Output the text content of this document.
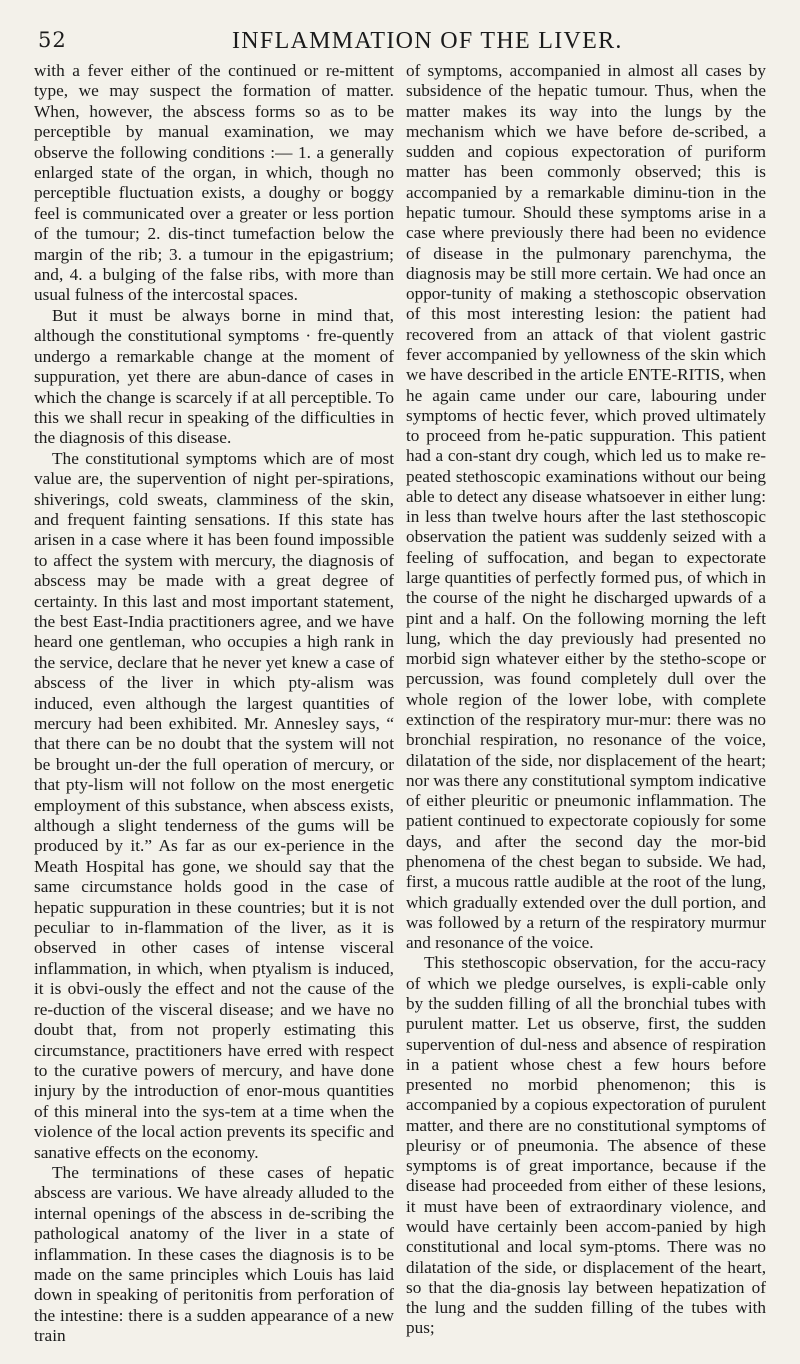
52	INFLAMMATION OF THE LIVER.

with a fever either of the continued or re-mittent type, we may suspect the formation of matter. When, however, the abscess forms so as to be perceptible by manual examination, we may observe the following conditions :— 1. a generally enlarged state of the organ, in which, though no perceptible fluctuation exists, a doughy or boggy feel is communicated over a greater or less portion of the tumour; 2. dis-tinct tumefaction below the margin of the rib; 3. a tumour in the epigastrium; and, 4. a bulging of the false ribs, with more than usual fulness of the intercostal spaces.

But it must be always borne in mind that, although the constitutional symptoms · fre-quently undergo a remarkable change at the moment of suppuration, yet there are abun-dance of cases in which the change is scarcely if at all perceptible. To this we shall recur in speaking of the difficulties in the diagnosis of this disease.

The constitutional symptoms which are of most value are, the supervention of night per-spirations, shiverings, cold sweats, clamminess of the skin, and frequent fainting sensations. If this state has arisen in a case where it has been found impossible to affect the system with mercury, the diagnosis of abscess may be made with a great degree of certainty. In this last and most important statement, the best East-India practitioners agree, and we have heard one gentleman, who occupies a high rank in the service, declare that he never yet knew a case of abscess of the liver in which pty-alism was induced, even although the largest quantities of mercury had been exhibited. Mr. Annesley says, “ that there can be no doubt that the system will not be brought un-der the full operation of mercury, or that pty-lism will not follow on the most energetic employment of this substance, when abscess exists, although a slight tenderness of the gums will be produced by it.” As far as our ex-perience in the Meath Hospital has gone, we should say that the same circumstance holds good in the case of hepatic suppuration in these countries; but it is not peculiar to in-flammation of the liver, as it is observed in other cases of intense visceral inflammation, in which, when ptyalism is induced, it is obvi-ously the effect and not the cause of the re-duction of the visceral disease; and we have no doubt that, from not properly estimating this circumstance, practitioners have erred with respect to the curative powers of mercury, and have done injury by the introduction of enor-mous quantities of this mineral into the sys-tem at a time when the violence of the local action prevents its specific and sanative effects on the economy.

The terminations of these cases of hepatic abscess are various. We have already alluded to the internal openings of the abscess in de-scribing the pathological anatomy of the liver in a state of inflammation. In these cases the diagnosis is to be made on the same principles which Louis has laid down in speaking of peritonitis from perforation of the intestine: there is a sudden appearance of a new train

of symptoms, accompanied in almost all cases by subsidence of the hepatic tumour. Thus, when the matter makes its way into the lungs by the mechanism which we have before de-scribed, a sudden and copious expectoration of puriform matter has been commonly observed; this is accompanied by a remarkable diminu-tion in the hepatic tumour. Should these symptoms arise in a case where previously there had been no evidence of disease in the pulmonary parenchyma, the diagnosis may be still more certain. We had once an oppor-tunity of making a stethoscopic observation of this most interesting lesion: the patient had recovered from an attack of that violent gastric fever accompanied by yellowness of the skin which we have described in the article ENTE-RITIS, when he again came under our care, labouring under symptoms of hectic fever, which proved ultimately to proceed from he-patic suppuration. This patient had a con-stant dry cough, which led us to make re-peated stethoscopic examinations without our being able to detect any disease whatsoever in either lung: in less than twelve hours after the last stethoscopic observation the patient was suddenly seized with a feeling of suffocation, and began to expectorate large quantities of perfectly formed pus, of which in the course of the night he discharged upwards of a pint and a half. On the following morning the left lung, which the day previously had presented no morbid sign whatever either by the stetho-scope or percussion, was found completely dull over the whole region of the lower lobe, with complete extinction of the respiratory mur-mur: there was no bronchial respiration, no resonance of the voice, dilatation of the side, nor displacement of the heart; nor was there any constitutional symptom indicative of either pleuritic or pneumonic inflammation. The patient continued to expectorate copiously for some days, and after the second day the mor-bid phenomena of the chest began to subside. We had, first, a mucous rattle audible at the root of the lung, which gradually extended over the dull portion, and was followed by a return of the respiratory murmur and resonance of the voice.

This stethoscopic observation, for the accu-racy of which we pledge ourselves, is expli-cable only by the sudden filling of all the bronchial tubes with purulent matter. Let us observe, first, the sudden supervention of dul-ness and absence of respiration in a patient whose chest a few hours before presented no morbid phenomenon; this is accompanied by a copious expectoration of purulent matter, and there are no constitutional symptoms of pleurisy or of pneumonia. The absence of these symptoms is of great importance, because if the disease had proceeded from either of these lesions, it must have been of extraordinary violence, and would have certainly been accom-panied by high constitutional and local sym-ptoms. There was no dilatation of the side, or displacement of the heart, so that the dia-gnosis lay between hepatization of the lung and the sudden filling of the tubes with pus;
